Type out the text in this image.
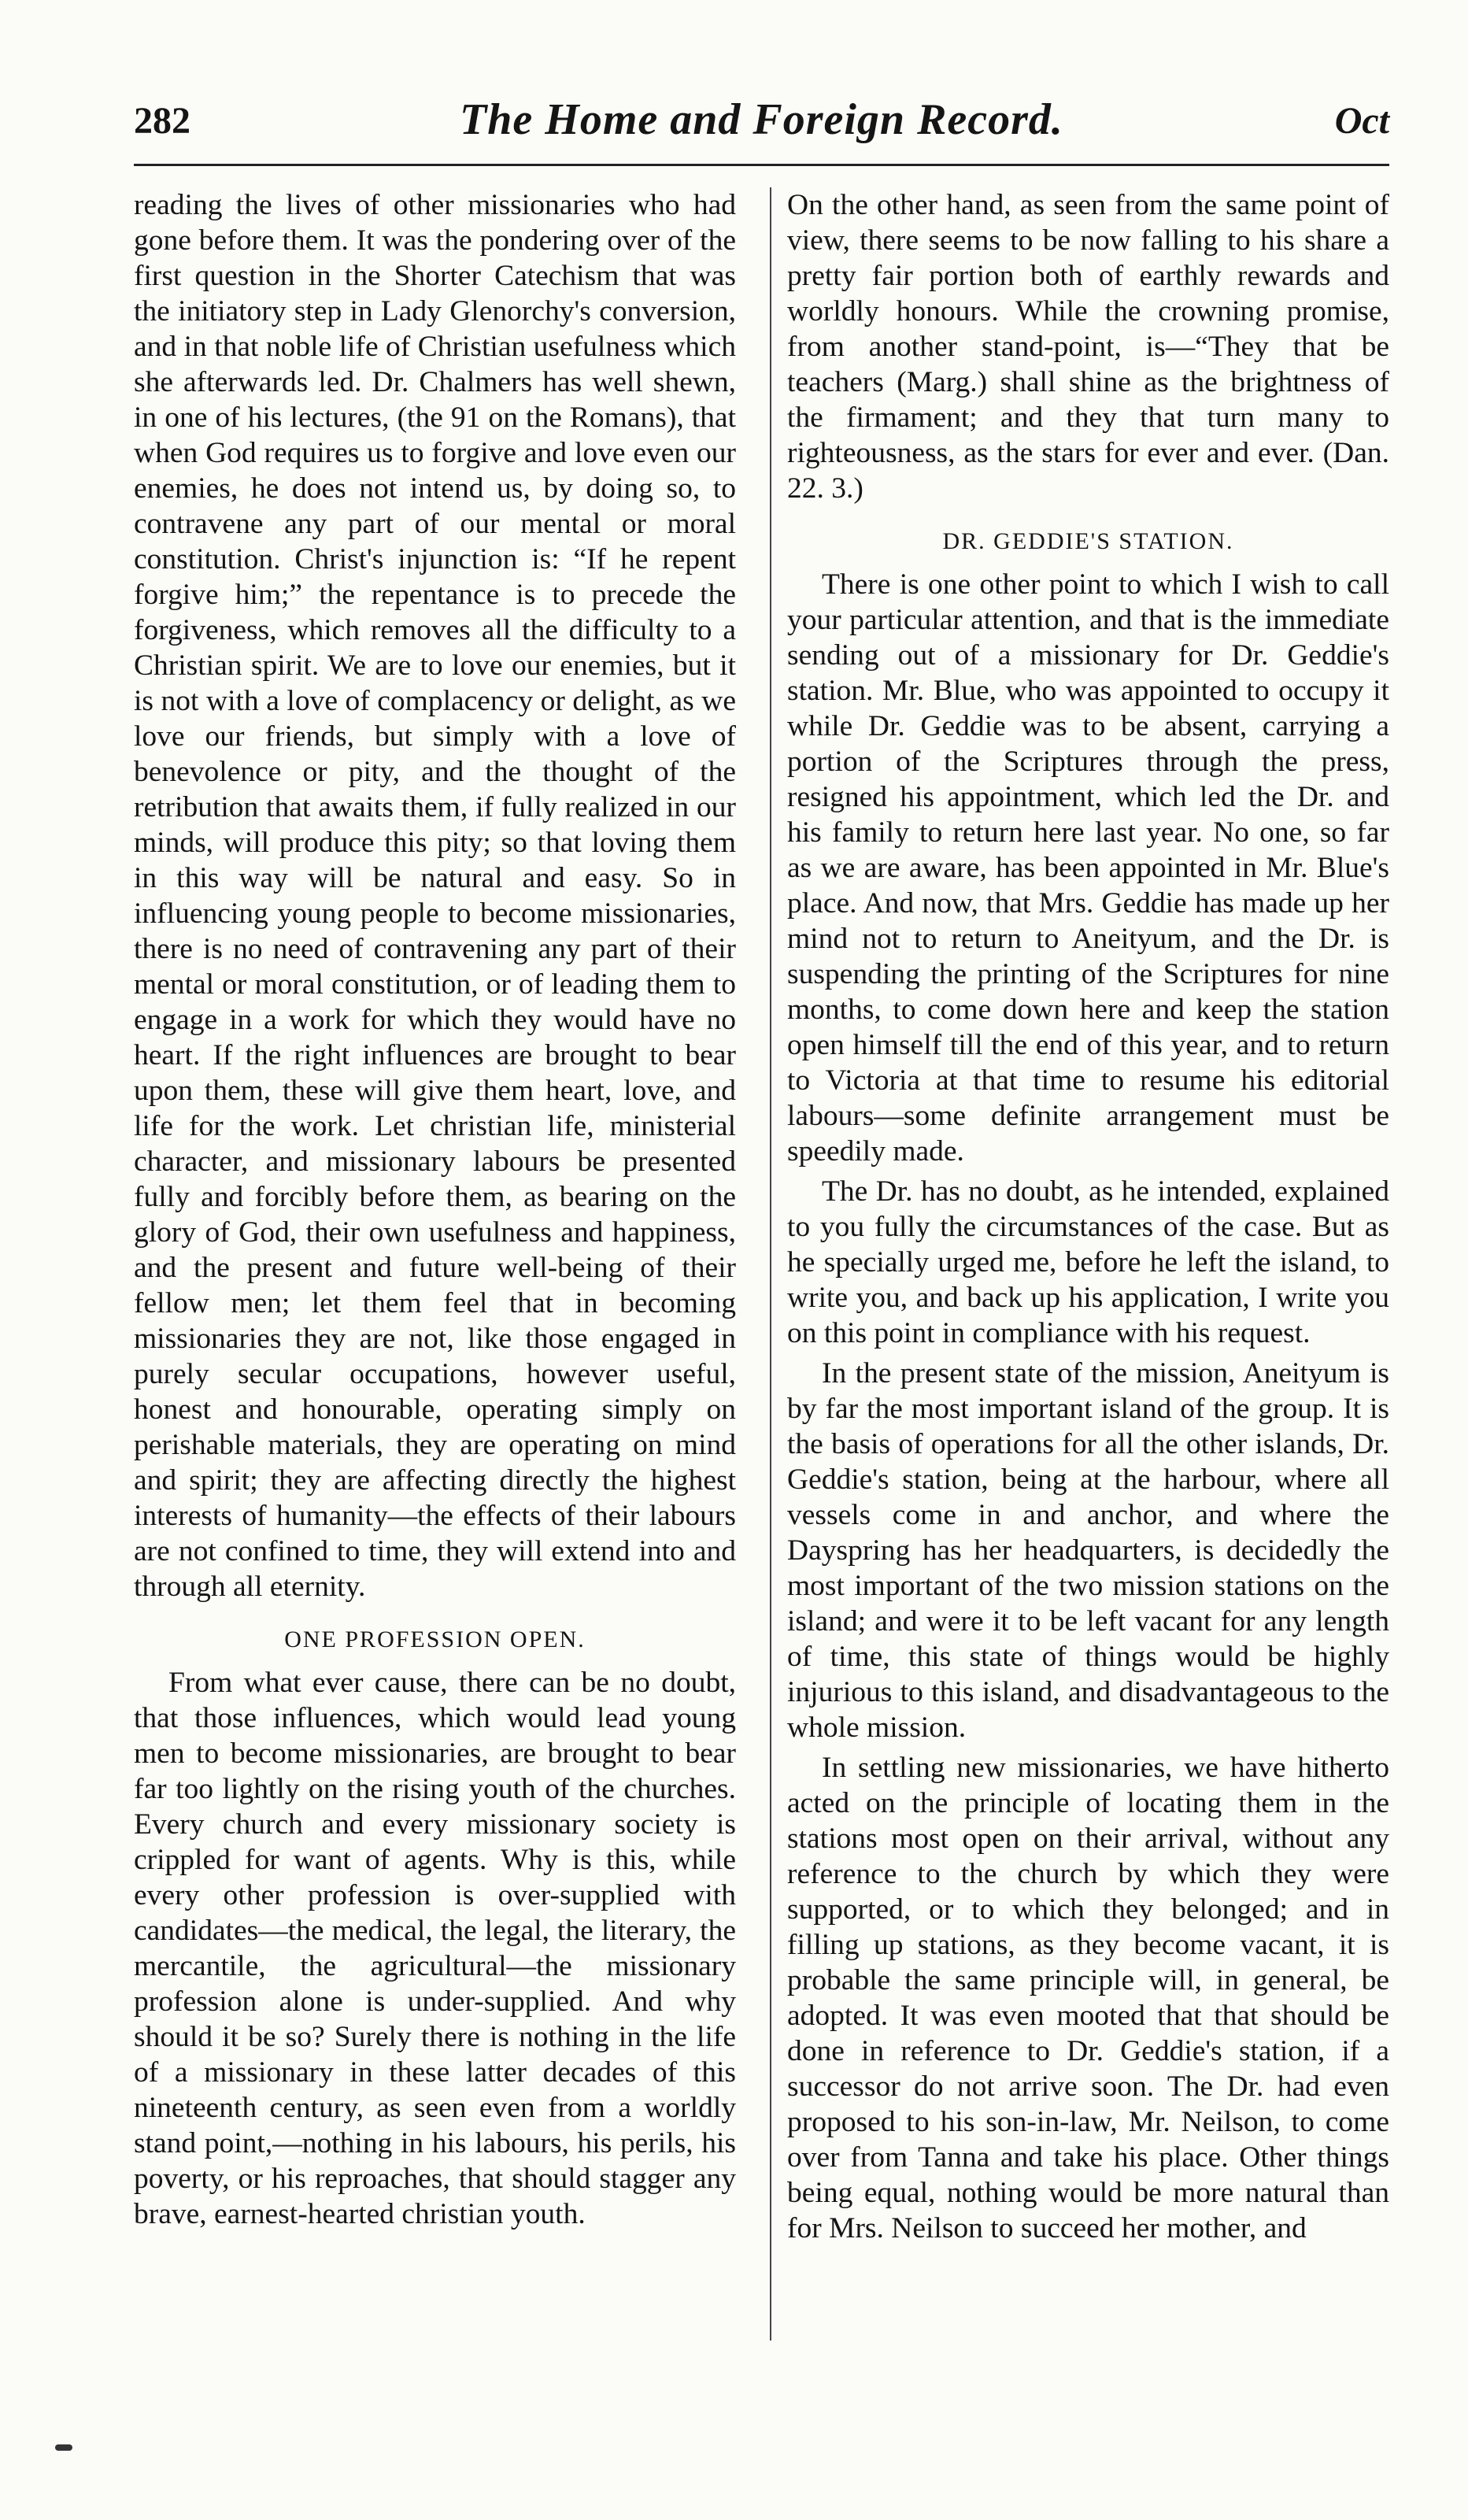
282	The Home and Foreign Record.	Oct

reading the lives of other missionaries who had gone before them. It was the pondering over of the first question in the Shorter Catechism that was the initiatory step in Lady Glenorchy's conversion, and in that noble life of Christian usefulness which she afterwards led. Dr. Chalmers has well shewn, in one of his lectures, (the 91 on the Romans), that when God requires us to forgive and love even our enemies, he does not intend us, by doing so, to contravene any part of our mental or moral constitution. Christ's injunction is: “If he repent forgive him;” the repentance is to precede the forgiveness, which removes all the difficulty to a Christian spirit. We are to love our enemies, but it is not with a love of complacency or delight, as we love our friends, but simply with a love of benevolence or pity, and the thought of the retribution that awaits them, if fully realized in our minds, will produce this pity; so that loving them in this way will be natural and easy. So in influencing young people to become missionaries, there is no need of contravening any part of their mental or moral constitution, or of leading them to engage in a work for which they would have no heart. If the right influences are brought to bear upon them, these will give them heart, love, and life for the work. Let christian life, ministerial character, and missionary labours be presented fully and forcibly before them, as bearing on the glory of God, their own usefulness and happiness, and the present and future well-being of their fellow men; let them feel that in becoming missionaries they are not, like those engaged in purely secular occupations, however useful, honest and honourable, operating simply on perishable materials, they are operating on mind and spirit; they are affecting directly the highest interests of humanity—the effects of their labours are not confined to time, they will extend into and through all eternity.

ONE PROFESSION OPEN.

From what ever cause, there can be no doubt, that those influences, which would lead young men to become missionaries, are brought to bear far too lightly on the rising youth of the churches. Every church and every missionary society is crippled for want of agents. Why is this, while every other profession is over-supplied with candidates—the medical, the legal, the literary, the mercantile, the agricultural—the missionary profession alone is under-supplied. And why should it be so? Surely there is nothing in the life of a missionary in these latter decades of this nineteenth century, as seen even from a worldly stand point,—nothing in his labours, his perils, his poverty, or his reproaches, that should stagger any brave, earnest-hearted christian youth.

On the other hand, as seen from the same point of view, there seems to be now falling to his share a pretty fair portion both of earthly rewards and worldly honours. While the crowning promise, from another stand-point, is—“They that be teachers (Marg.) shall shine as the brightness of the firmament; and they that turn many to righteousness, as the stars for ever and ever. (Dan. 22. 3.)

DR. GEDDIE'S STATION.

There is one other point to which I wish to call your particular attention, and that is the immediate sending out of a missionary for Dr. Geddie's station. Mr. Blue, who was appointed to occupy it while Dr. Geddie was to be absent, carrying a portion of the Scriptures through the press, resigned his appointment, which led the Dr. and his family to return here last year. No one, so far as we are aware, has been appointed in Mr. Blue's place. And now, that Mrs. Geddie has made up her mind not to return to Aneityum, and the Dr. is suspending the printing of the Scriptures for nine months, to come down here and keep the station open himself till the end of this year, and to return to Victoria at that time to resume his editorial labours—some definite arrangement must be speedily made.

The Dr. has no doubt, as he intended, explained to you fully the circumstances of the case. But as he specially urged me, before he left the island, to write you, and back up his application, I write you on this point in compliance with his request.

In the present state of the mission, Aneityum is by far the most important island of the group. It is the basis of operations for all the other islands, Dr. Geddie's station, being at the harbour, where all vessels come in and anchor, and where the Dayspring has her headquarters, is decidedly the most important of the two mission stations on the island; and were it to be left vacant for any length of time, this state of things would be highly injurious to this island, and disadvantageous to the whole mission.

In settling new missionaries, we have hitherto acted on the principle of locating them in the stations most open on their arrival, without any reference to the church by which they were supported, or to which they belonged; and in filling up stations, as they become vacant, it is probable the same principle will, in general, be adopted. It was even mooted that that should be done in reference to Dr. Geddie's station, if a successor do not arrive soon. The Dr. had even proposed to his son-in-law, Mr. Neilson, to come over from Tanna and take his place. Other things being equal, nothing would be more natural than for Mrs. Neilson to succeed her mother, and
